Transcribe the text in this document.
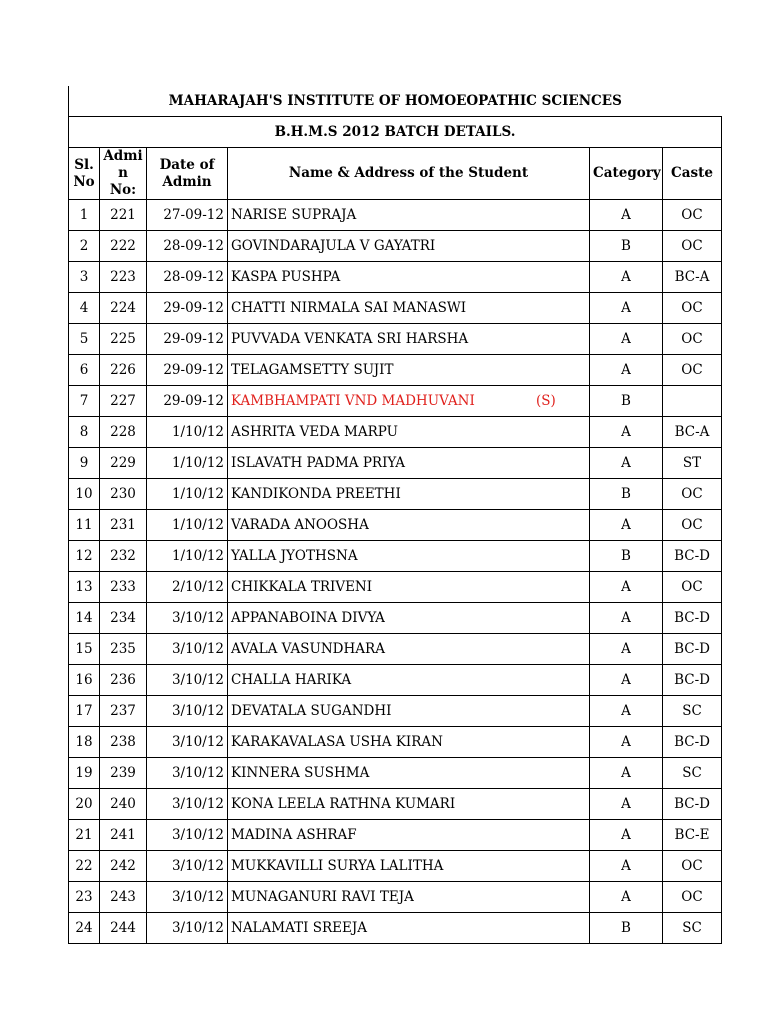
MAHARAJAH'S INSTITUTE OF HOMOEOPATHIC SCIENCES					
B.H.M.S 2012 BATCH DETAILS.					
Sl. No	Admi n No:	Date of Admin	Name & Address of the Student	Category	Caste
1	221	27-09-12	NARISE SUPRAJA	A	OC
2	222	28-09-12	GOVINDARAJULA V GAYATRI	B	OC
3	223	28-09-12	KASPA PUSHPA	A	BC-A
4	224	29-09-12	CHATTI NIRMALA SAI MANASWI	A	OC
5	225	29-09-12	PUVVADA VENKATA SRI HARSHA	A	OC
6	226	29-09-12	TELAGAMSETTY SUJIT	A	OC
7	227	29-09-12	KAMBHAMPATI VND MADHUVANI (S)	B	
8	228	1/10/12	ASHRITA VEDA MARPU	A	BC-A
9	229	1/10/12	ISLAVATH PADMA PRIYA	A	ST
10	230	1/10/12	KANDIKONDA PREETHI	B	OC
11	231	1/10/12	VARADA ANOOSHA	A	OC
12	232	1/10/12	YALLA JYOTHSNA	B	BC-D
13	233	2/10/12	CHIKKALA TRIVENI	A	OC
14	234	3/10/12	APPANABOINA DIVYA	A	BC-D
15	235	3/10/12	AVALA VASUNDHARA	A	BC-D
16	236	3/10/12	CHALLA HARIKA	A	BC-D
17	237	3/10/12	DEVATALA SUGANDHI	A	SC
18	238	3/10/12	KARAKAVALASA USHA KIRAN	A	BC-D
19	239	3/10/12	KINNERA SUSHMA	A	SC
20	240	3/10/12	KONA LEELA RATHNA KUMARI	A	BC-D
21	241	3/10/12	MADINA ASHRAF	A	BC-E
22	242	3/10/12	MUKKAVILLI SURYA LALITHA	A	OC
23	243	3/10/12	MUNAGANURI RAVI TEJA	A	OC
24	244	3/10/12	NALAMATI SREEJA	B	SC
